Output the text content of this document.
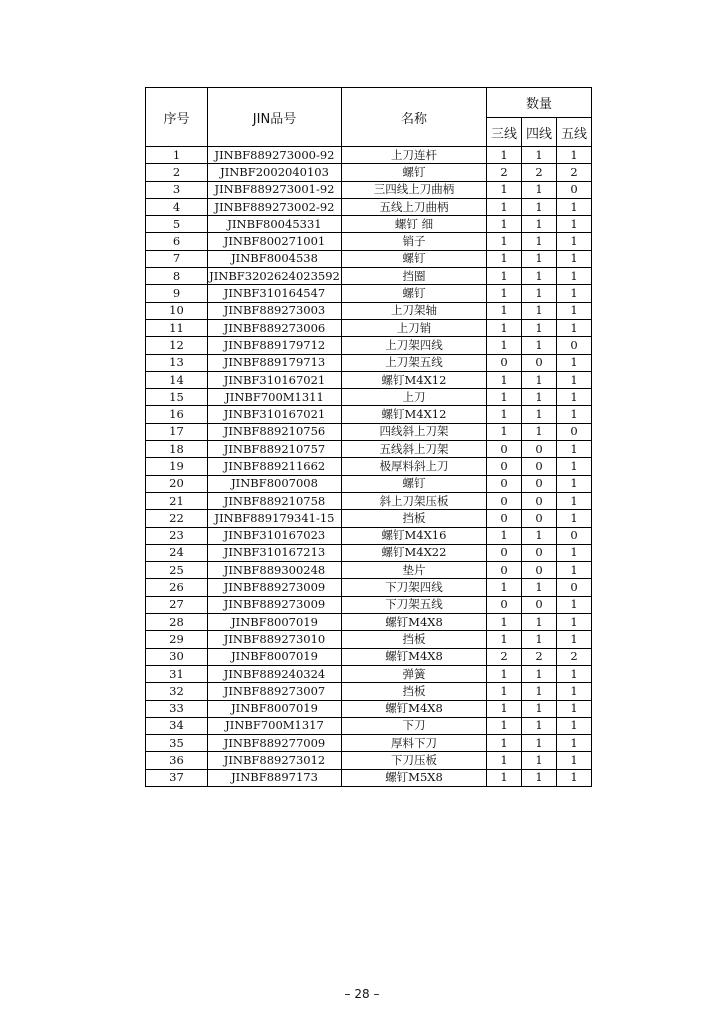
序号	JIN品号	名称	数量		
			三线	四线	五线
1	JINBF889273000-92	上刀连杆	1	1	1
2	JINBF2002040103	螺钉	2	2	2
3	JINBF889273001-92	三四线上刀曲柄	1	1	0
4	JINBF889273002-92	五线上刀曲柄	1	1	1
5	JINBF80045331	螺钉 细	1	1	1
6	JINBF800271001	销子	1	1	1
7	JINBF8004538	螺钉	1	1	1
8	JINBF3202624023592	挡圈	1	1	1
9	JINBF310164547	螺钉	1	1	1
10	JINBF889273003	上刀架轴	1	1	1
11	JINBF889273006	上刀销	1	1	1
12	JINBF889179712	上刀架四线	1	1	0
13	JINBF889179713	上刀架五线	0	0	1
14	JINBF310167021	螺钉M4X12	1	1	1
15	JINBF700M1311	上刀	1	1	1
16	JINBF310167021	螺钉M4X12	1	1	1
17	JINBF889210756	四线斜上刀架	1	1	0
18	JINBF889210757	五线斜上刀架	0	0	1
19	JINBF889211662	极厚料斜上刀	0	0	1
20	JINBF8007008	螺钉	0	0	1
21	JINBF889210758	斜上刀架压板	0	0	1
22	JINBF889179341-15	挡板	0	0	1
23	JINBF310167023	螺钉M4X16	1	1	0
24	JINBF310167213	螺钉M4X22	0	0	1
25	JINBF889300248	垫片	0	0	1
26	JINBF889273009	下刀架四线	1	1	0
27	JINBF889273009	下刀架五线	0	0	1
28	JINBF8007019	螺钉M4X8	1	1	1
29	JINBF889273010	挡板	1	1	1
30	JINBF8007019	螺钉M4X8	2	2	2
31	JINBF889240324	弹簧	1	1	1
32	JINBF889273007	挡板	1	1	1
33	JINBF8007019	螺钉M4X8	1	1	1
34	JINBF700M1317	下刀	1	1	1
35	JINBF889277009	厚料下刀	1	1	1
36	JINBF889273012	下刀压板	1	1	1
37	JINBF8897173	螺钉M5X8	1	1	1
– 28 –
